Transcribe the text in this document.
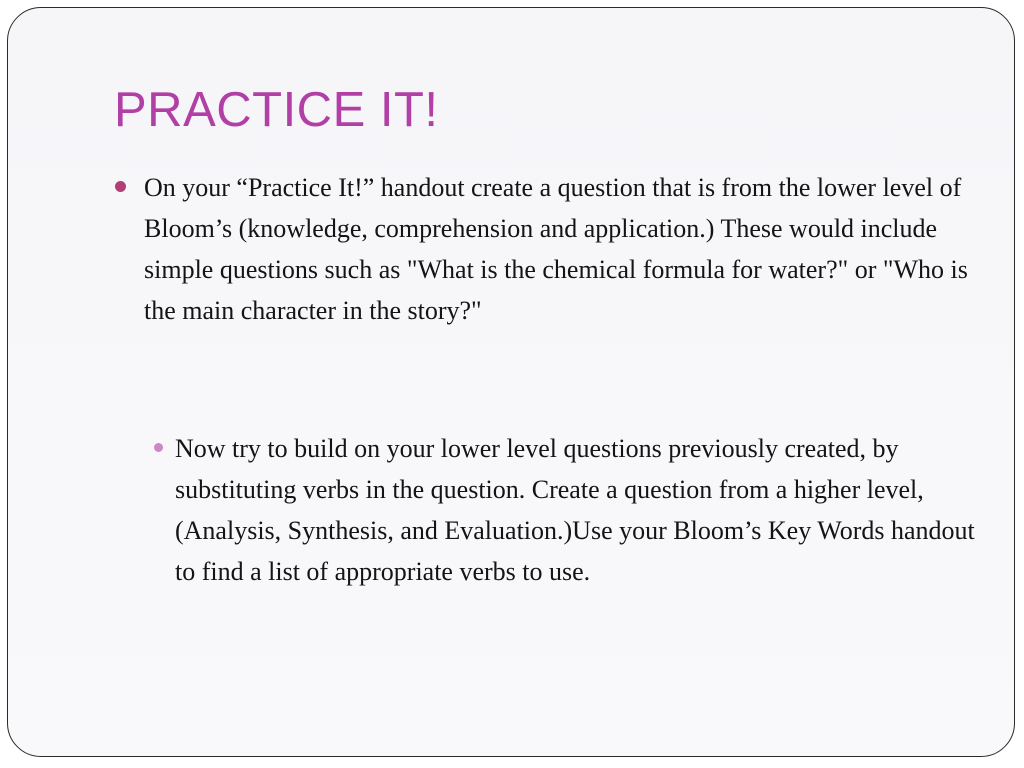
PRACTICE IT!

On your “Practice It!” handout create a question that is from the lower level of Bloom’s (knowledge, comprehension and application.) These would include simple questions such as "What is the chemical formula for water?" or "Who is the main character in the story?"

Now try to build on your lower level questions previously created, by substituting verbs in the question. Create a question from a higher level, (Analysis, Synthesis, and Evaluation.)Use your Bloom’s Key Words handout to find a list of appropriate verbs to use.
